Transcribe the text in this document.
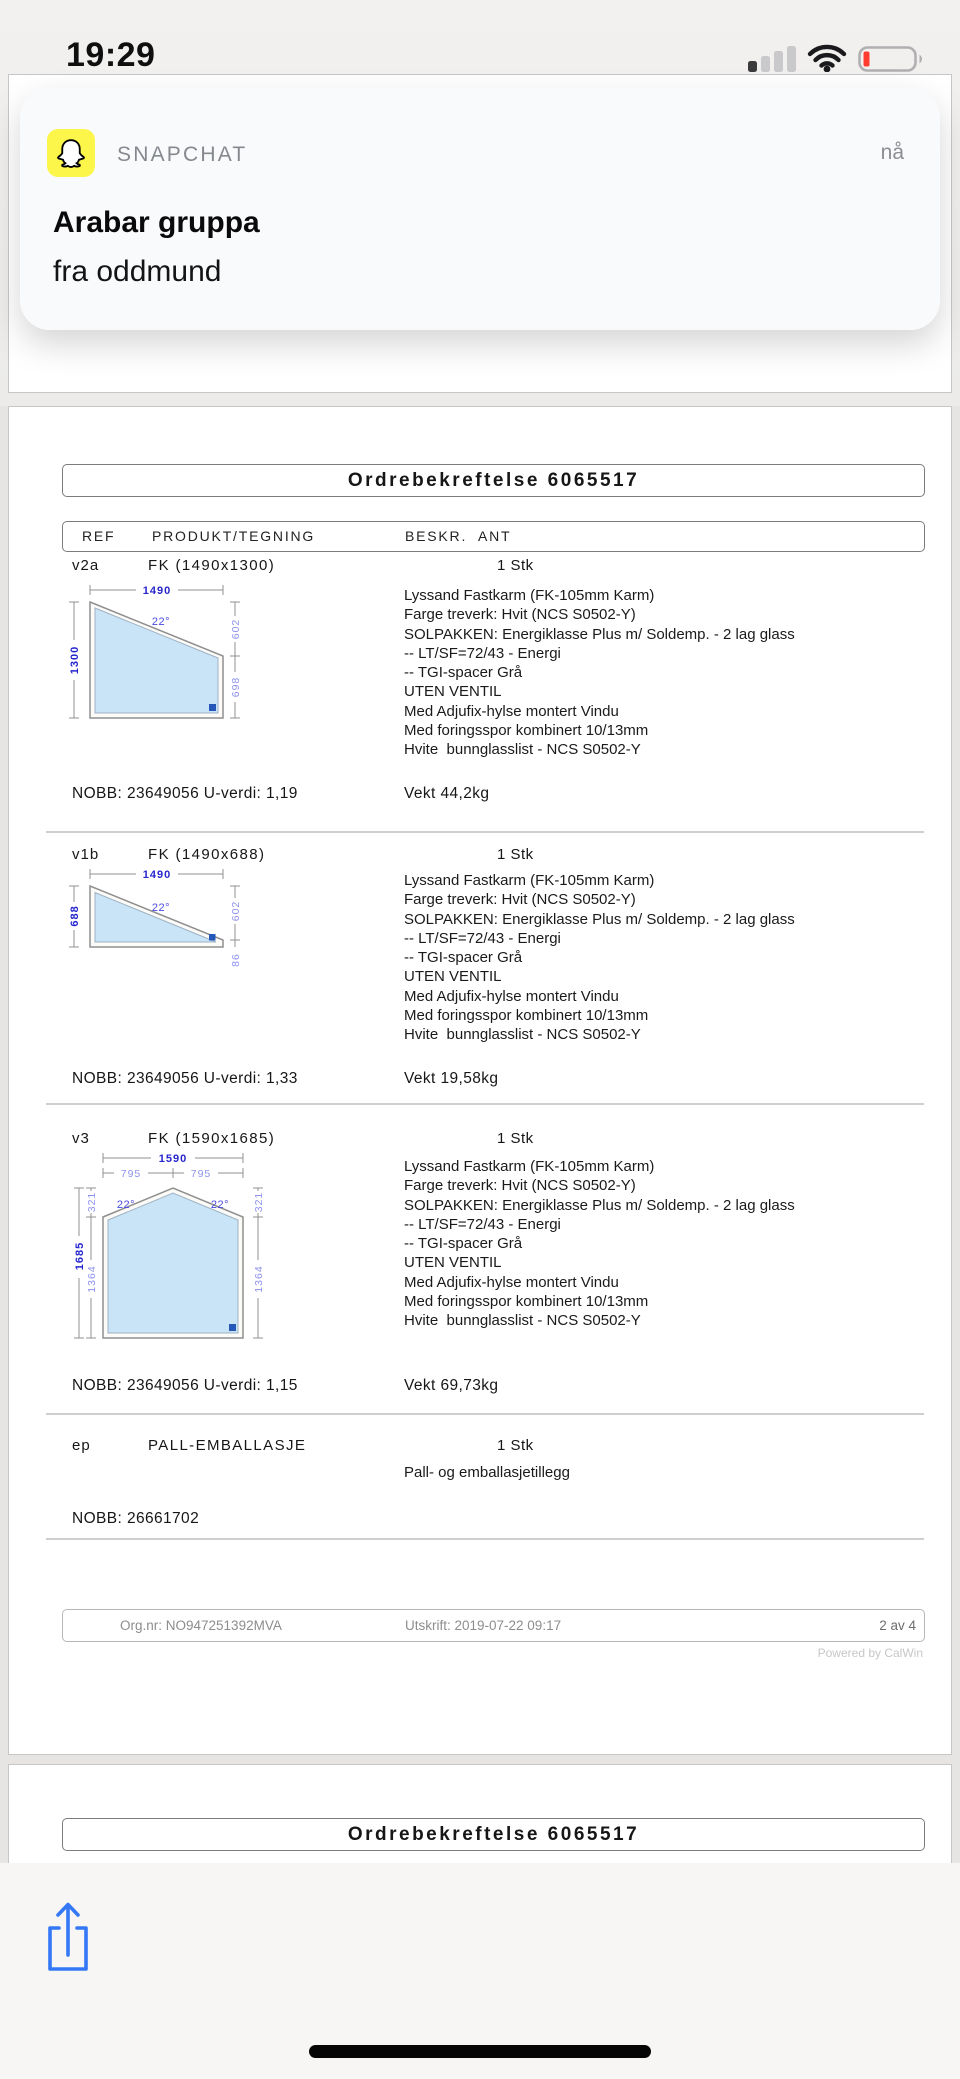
19:29
SNAPCHAT	nå
Arabar gruppa
fra oddmund
Ordrebekreftelse 6065517
REF	PRODUKT/TEGNING	BESKR. ANT
v2a	FK (1490x1300)	1 Stk
1490
1300
602
698
22°
Lyssand Fastkarm (FK-105mm Karm)
Farge treverk: Hvit (NCS S0502-Y)
SOLPAKKEN: Energiklasse Plus m/ Soldemp. - 2 lag glass
-- LT/SF=72/43 - Energi
-- TGI-spacer Grå
UTEN VENTIL
Med Adjufix-hylse montert Vindu
Med foringsspor kombinert 10/13mm
Hvite  bunnglasslist - NCS S0502-Y
NOBB: 23649056 U-verdi: 1,19	Vekt 44,2kg
v1b	FK (1490x688)	1 Stk
1490
688	602
86
22°
Lyssand Fastkarm (FK-105mm Karm)
Farge treverk: Hvit (NCS S0502-Y)
SOLPAKKEN: Energiklasse Plus m/ Soldemp. - 2 lag glass
-- LT/SF=72/43 - Energi
-- TGI-spacer Grå
UTEN VENTIL
Med Adjufix-hylse montert Vindu
Med foringsspor kombinert 10/13mm
Hvite  bunnglasslist - NCS S0502-Y
NOBB: 23649056 U-verdi: 1,33	Vekt 19,58kg
v3	FK (1590x1685)	1 Stk
1590
795	795
1685
321
1364
321
1364
22°	22°
Lyssand Fastkarm (FK-105mm Karm)
Farge treverk: Hvit (NCS S0502-Y)
SOLPAKKEN: Energiklasse Plus m/ Soldemp. - 2 lag glass
-- LT/SF=72/43 - Energi
-- TGI-spacer Grå
UTEN VENTIL
Med Adjufix-hylse montert Vindu
Med foringsspor kombinert 10/13mm
Hvite  bunnglasslist - NCS S0502-Y
NOBB: 23649056 U-verdi: 1,15	Vekt 69,73kg
ep	PALL-EMBALLASJE	1 Stk
Pall- og emballasjetillegg
NOBB: 26661702
Org.nr: NO947251392MVA	Utskrift: 2019-07-22 09:17	2 av 4
Powered by CalWin
Ordrebekreftelse 6065517
